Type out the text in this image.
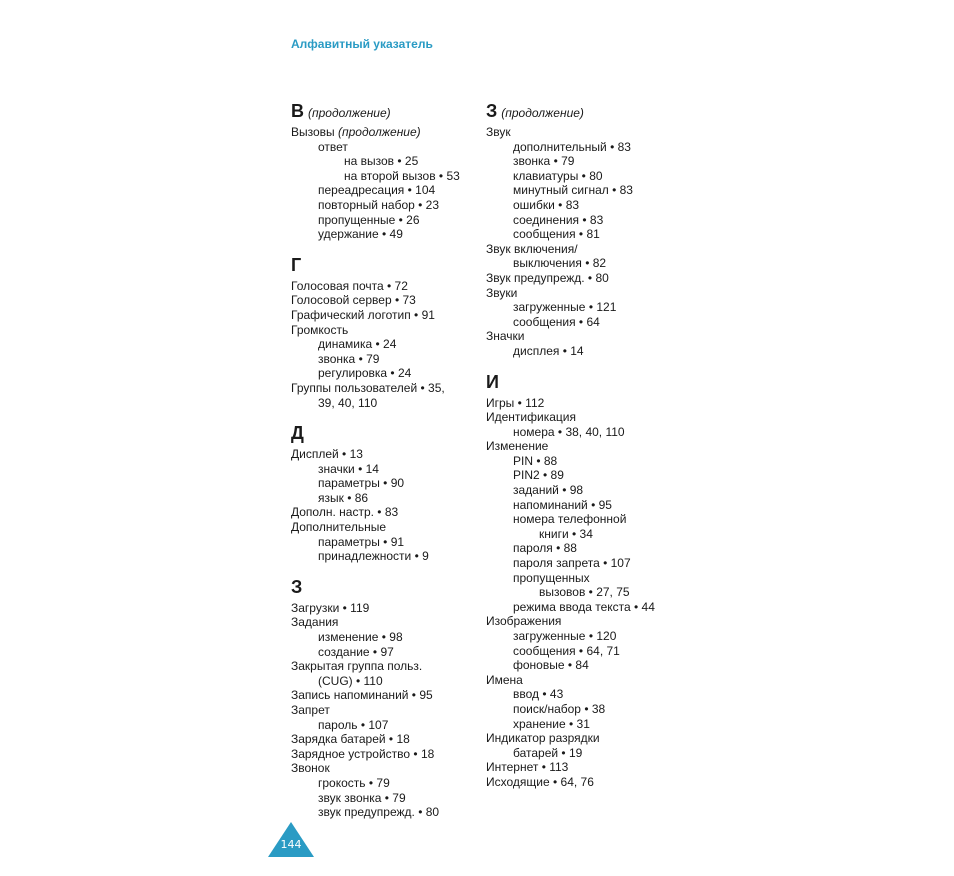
Алфавитный указатель
В (продолжение)
Вызовы (продолжение)
ответ
на вызов • 25
на второй вызов • 53
переадресация • 104
повторный набор • 23
пропущенные • 26
удержание • 49
Г
Голосовая почта • 72
Голосовой сервер • 73
Графический логотип • 91
Громкость
динамика • 24
звонка • 79
регулировка • 24
Группы пользователей • 35,
39, 40, 110
Д
Дисплей • 13
значки • 14
параметры • 90
язык • 86
Дополн. настр. • 83
Дополнительные
параметры • 91
принадлежности • 9
З
Загрузки • 119
Задания
изменение • 98
создание • 97
Закрытая группа польз.
(CUG) • 110
Запись напоминаний • 95
Запрет
пароль • 107
Зарядка батарей • 18
Зарядное устройство • 18
Звонок
грокость • 79
звук звонка • 79
звук предупрежд. • 80
З (продолжение)
Звук
дополнительный • 83
звонка • 79
клавиатуры • 80
минутный сигнал • 83
ошибки • 83
соединения • 83
сообщения • 81
Звук включения/
выключения • 82
Звук предупрежд. • 80
Звуки
загруженные • 121
сообщения • 64
Значки
дисплея • 14
И
Игры • 112
Идентификация
номера • 38, 40, 110
Изменение
PIN • 88
PIN2 • 89
заданий • 98
напоминаний • 95
номера телефонной
книги • 34
пароля • 88
пароля запрета • 107
пропущенных
вызовов • 27, 75
режима ввода текста • 44
Изображения
загруженные • 120
сообщения • 64, 71
фоновые • 84
Имена
ввод • 43
поиск/набор • 38
хранение • 31
Индикатор разрядки
батарей • 19
Интернет • 113
Исходящие • 64, 76
144
